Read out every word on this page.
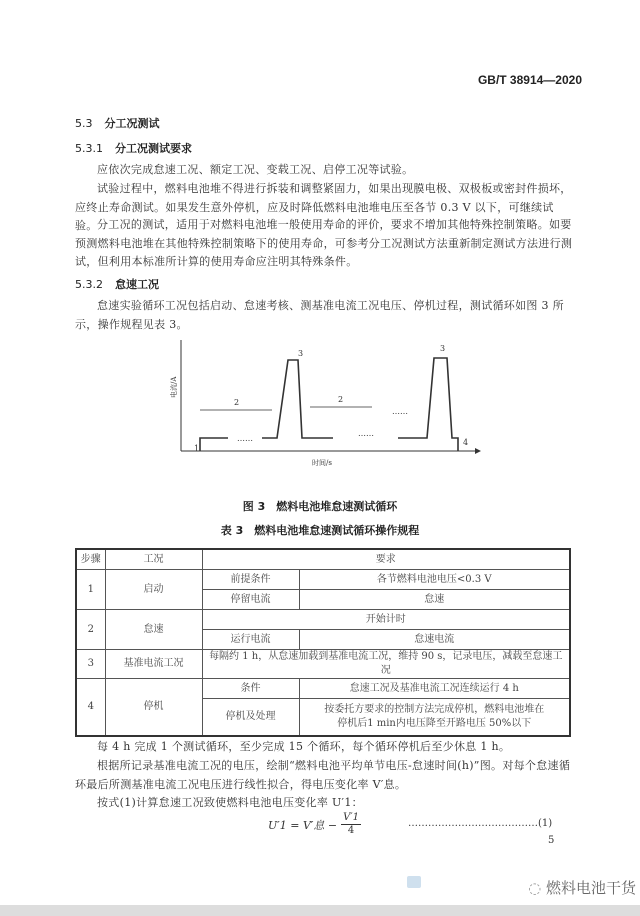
GB/T 38914—2020
5.3 分工况测试
5.3.1 分工况测试要求
应依次完成怠速工况、额定工况、变载工况、启停工况等试验。
试验过程中，燃料电池堆不得进行拆装和调整紧固力，如果出现膜电极、双极板或密封件损坏，应终止寿命测试。如果发生意外停机，应及时降低燃料电池堆电压至各节 0.3 V 以下，可继续试验。 分工况的测试，适用于对燃料电池堆一般使用寿命的评价，要求不增加其他特殊控制策略。如要预测燃料电池堆在其他特殊控制策略下的使用寿命，可参考分工况测试方法重新制定测试方法进行测试，但利用本标准所计算的使用寿命应注明其特殊条件。
5.3.2 怠速工况
怠速实验循环工况包括启动、怠速考核、测基准电流工况电压、停机过程，测试循环如图 3 所示，操作规程见表 3。
……
……
……
1
2	2
3
3
4
时间/s
电流/A
图 3　燃料电池堆怠速测试循环
表 3　燃料电池堆怠速测试循环操作规程
步骤	工况	要求	
1	启动	前提条件	各节燃料电池电压<0.3 V
		停留电流	怠速
2	怠速	开始计时	
		运行电流	怠速电流
3	基准电流工况	每隔约 1 h，从怠速加载到基准电流工况，维持 90 s，记录电压，减载至怠速工况	
4	停机	条件	怠速工况及基准电流工况连续运行 4 h
		停机及处理	按委托方要求的控制方法完成停机，燃料电池堆在
停机后1 min内电压降至开路电压 50%以下
每 4 h 完成 1 个测试循环，至少完成 15 个循环，每个循环停机后至少休息 1 h。
根据所记录基准电流工况的电压，绘制“燃料电池平均单节电压-怠速时间(h)”图。对每个怠速循环最后所测基准电流工况电压进行线性拟合，得电压变化率 V′息。
按式(1)计算怠速工况致使燃料电池电压变化率 U′1：
U′1 = V′息 − $\frac{V'1}{4}$	…………………………………(1)
5
◌ 燃料电池干货
